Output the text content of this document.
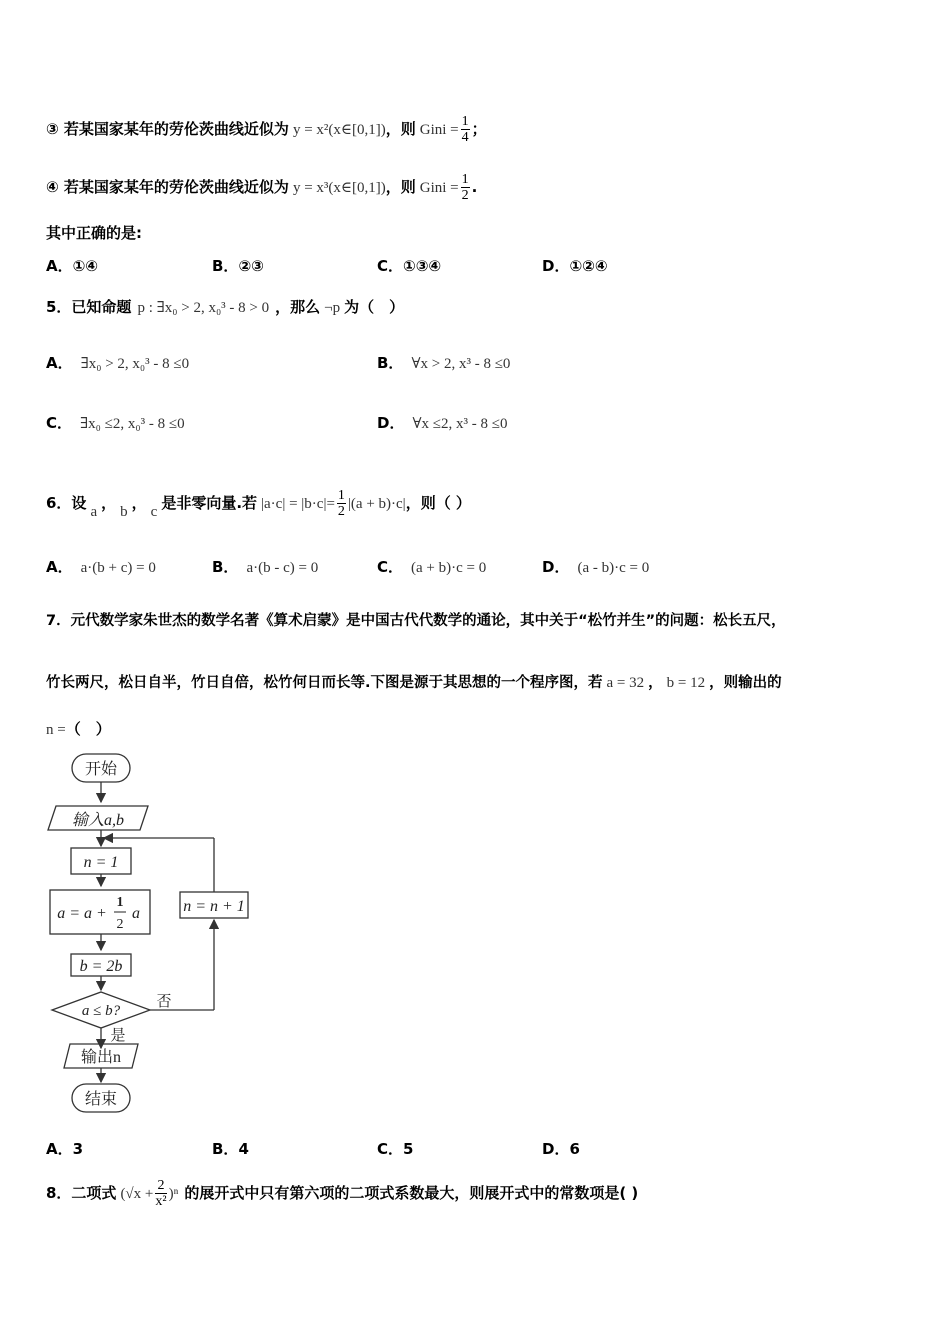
③ 若某国家某年的劳伦茨曲线近似为 y = x²(x∈[0,1])，则 Gini = $\frac{1}{4}$ ；
④ 若某国家某年的劳伦茨曲线近似为 y = x³(x∈[0,1])，则 Gini = $\frac{1}{2}$ .
其中正确的是:
A．①④	B．②③	C．①③④	D．①②④
5．已知命题 p : ∃x₀ > 2, x₀³ - 8 > 0 ，那么 ¬p 为（　）
A． ∃x₀ > 2, x₀³ - 8 ≤0	B． ∀x > 2, x³ - 8 ≤0
C． ∃x₀ ≤2, x₀³ - 8 ≤0	D． ∀x ≤2, x³ - 8 ≤0
6．设 a ， b ， c 是非零向量.若 $|a\cdot c| = |b\cdot c|= \frac{1}{2} |(a + b)\cdot c|$，则（ ）
A． a·(b + c) = 0	B． a·(b - c) = 0	C． (a + b)·c = 0	D． (a - b)·c = 0
7．元代数学家朱世杰的数学名著《算术启蒙》是中国古代代数学的通论，其中关于“松竹并生”的问题：松长五尺，
竹长两尺，松日自半，竹日自倍，松竹何日而长等.下图是源于其思想的一个程序图，若 a = 32 ， b = 12 ，则输出的
n =（　）
开始
输入a,b
n = 1
a = a +
1
2
a
b = 2b
a ≤ b?
否
是
n = n + 1
输出n
结束
A．3	B．4	C．5	D．6
8．二项式 $(√x + \frac{2}{\text{x²}} )^n$ 的展开式中只有第六项的二项式系数最大，则展开式中的常数项是( )
